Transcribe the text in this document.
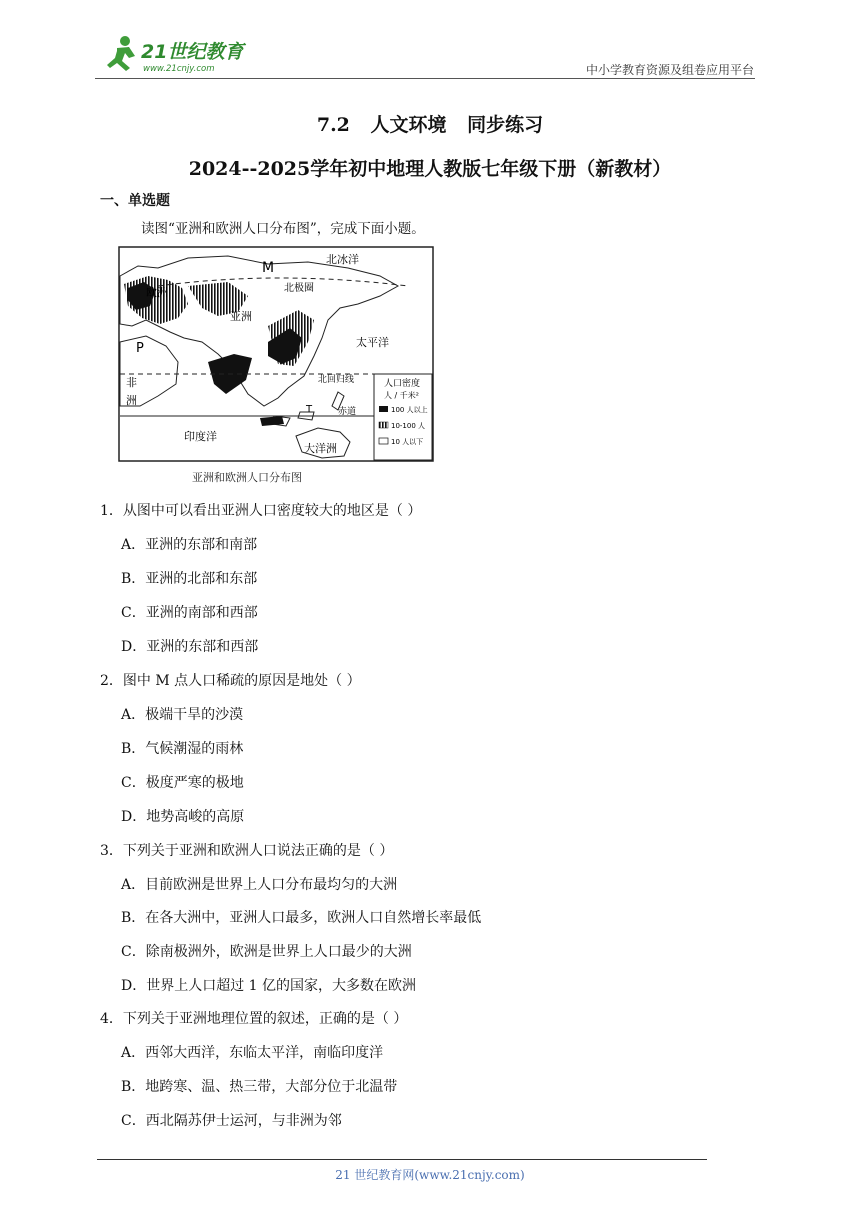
21世纪教育
www.21cnjy.com	中小学教育资源及组卷应用平台
7.2 人文环境 同步练习
2024--2025学年初中地理人教版七年级下册（新教材）
一、单选题
读图“亚洲和欧洲人口分布图”，完成下面小题。
北冰洋
欧洲	北极圈
亚洲
太平洋
非
洲
北回归线
赤道
印度洋
大洋洲
M
P
T
人口密度
人 / 千米²
100 人以上
10-100 人
10 人以下
亚洲和欧洲人口分布图
1．从图中可以看出亚洲人口密度较大的地区是（ ）
A．亚洲的东部和南部
B．亚洲的北部和东部
C．亚洲的南部和西部
D．亚洲的东部和西部
2．图中 M 点人口稀疏的原因是地处（ ）
A．极端干旱的沙漠
B．气候潮湿的雨林
C．极度严寒的极地
D．地势高峻的高原
3．下列关于亚洲和欧洲人口说法正确的是（ ）
A．目前欧洲是世界上人口分布最均匀的大洲
B．在各大洲中，亚洲人口最多，欧洲人口自然增长率最低
C．除南极洲外，欧洲是世界上人口最少的大洲
D．世界上人口超过 1 亿的国家，大多数在欧洲
4．下列关于亚洲地理位置的叙述，正确的是（ ）
A．西邻大西洋，东临太平洋，南临印度洋
B．地跨寒、温、热三带，大部分位于北温带
C．西北隔苏伊士运河，与非洲为邻
21 世纪教育网(www.21cnjy.com)
